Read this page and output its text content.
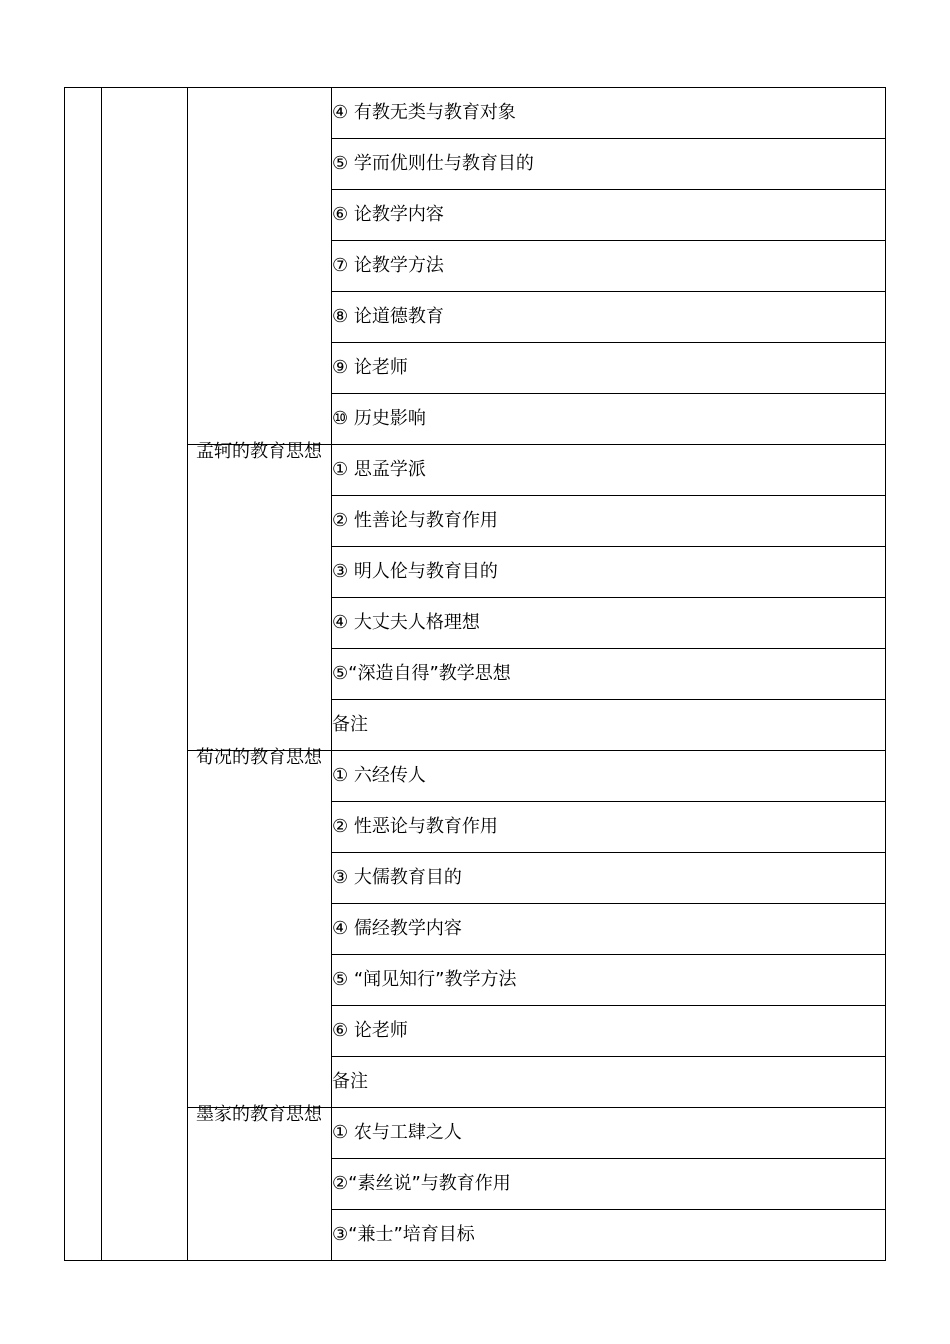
			④ 有教无类与教育对象

			⑤ 学而优则仕与教育目的

			⑥ 论教学内容

			⑦ 论教学方法

			⑧ 论道德教育

			⑨ 论老师

			⑩ 历史影响

		孟轲的教育思想	① 思孟学派

			② 性善论与教育作用

			③ 明人伦与教育目的

			④ 大丈夫人格理想

			⑤“深造自得”教学思想

			备注

		荀况的教育思想	① 六经传人

			② 性恶论与教育作用

			③ 大儒教育目的

			④ 儒经教学内容

			⑤ “闻见知行”教学方法

			⑥ 论老师

			备注

		墨家的教育思想	① 农与工肆之人

			②“素丝说”与教育作用

			③“兼士”培育目标
